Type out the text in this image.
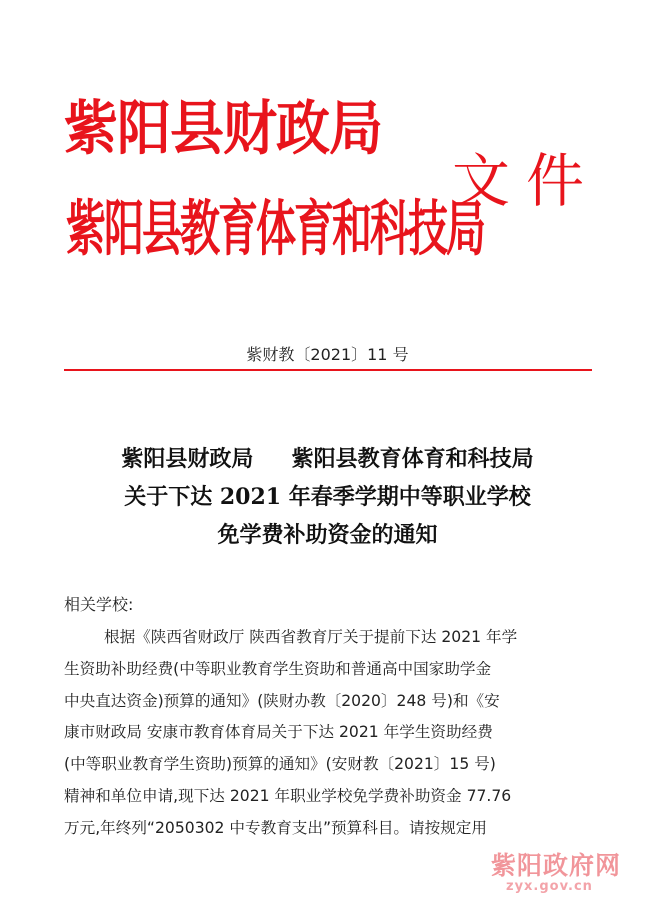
紫阳县财政局
紫阳县教育体育和科技局
文件
紫财教〔2021〕11 号
紫阳县财政局     紫阳县教育体育和科技局
关于下达 2021 年春季学期中等职业学校
免学费补助资金的通知
相关学校:
根据《陕西省财政厅 陕西省教育厅关于提前下达 2021 年学
生资助补助经费(中等职业教育学生资助和普通高中国家助学金
中央直达资金)预算的通知》(陕财办教〔2020〕248 号)和《安
康市财政局 安康市教育体育局关于下达 2021 年学生资助经费
(中等职业教育学生资助)预算的通知》(安财教〔2021〕15 号)
精神和单位申请,现下达 2021 年职业学校免学费补助资金 77.76
万元,年终列“2050302 中专教育支出”预算科目。请按规定用
紫阳政府网
zyx.gov.cn
